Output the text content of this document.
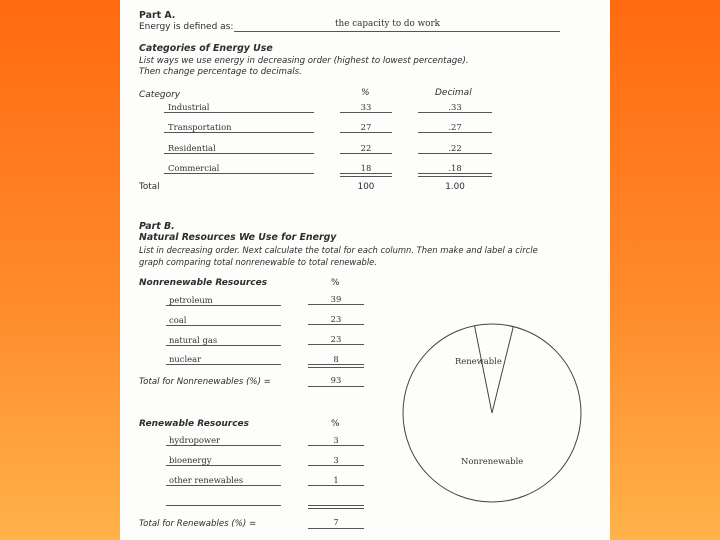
Part A.
Energy is defined as:	the capacity to do work
Categories of Energy Use
List ways we use energy in decreasing order (highest to lowest percentage).
Then change percentage to decimals.
Category	%	Decimal
Industrial	33	.33
Transportation	27	.27
Residential	22	.22
Commercial	18	.18
Total	100	1.00
Part B.
Natural Resources We Use for Energy
List in decreasing order. Next calculate the total for each column. Then make and label a circle
graph comparing total nonrenewable to total renewable.
Nonrenewable Resources	%
petroleum	39
coal	23
natural gas	23
nuclear	8
Total for Nonrenewables (%) =	93
Renewable Resources	%
hydropower	3
bioenergy	3
other renewables	1
Total for Renewables (%) =	7
Renewable
Nonrenewable
